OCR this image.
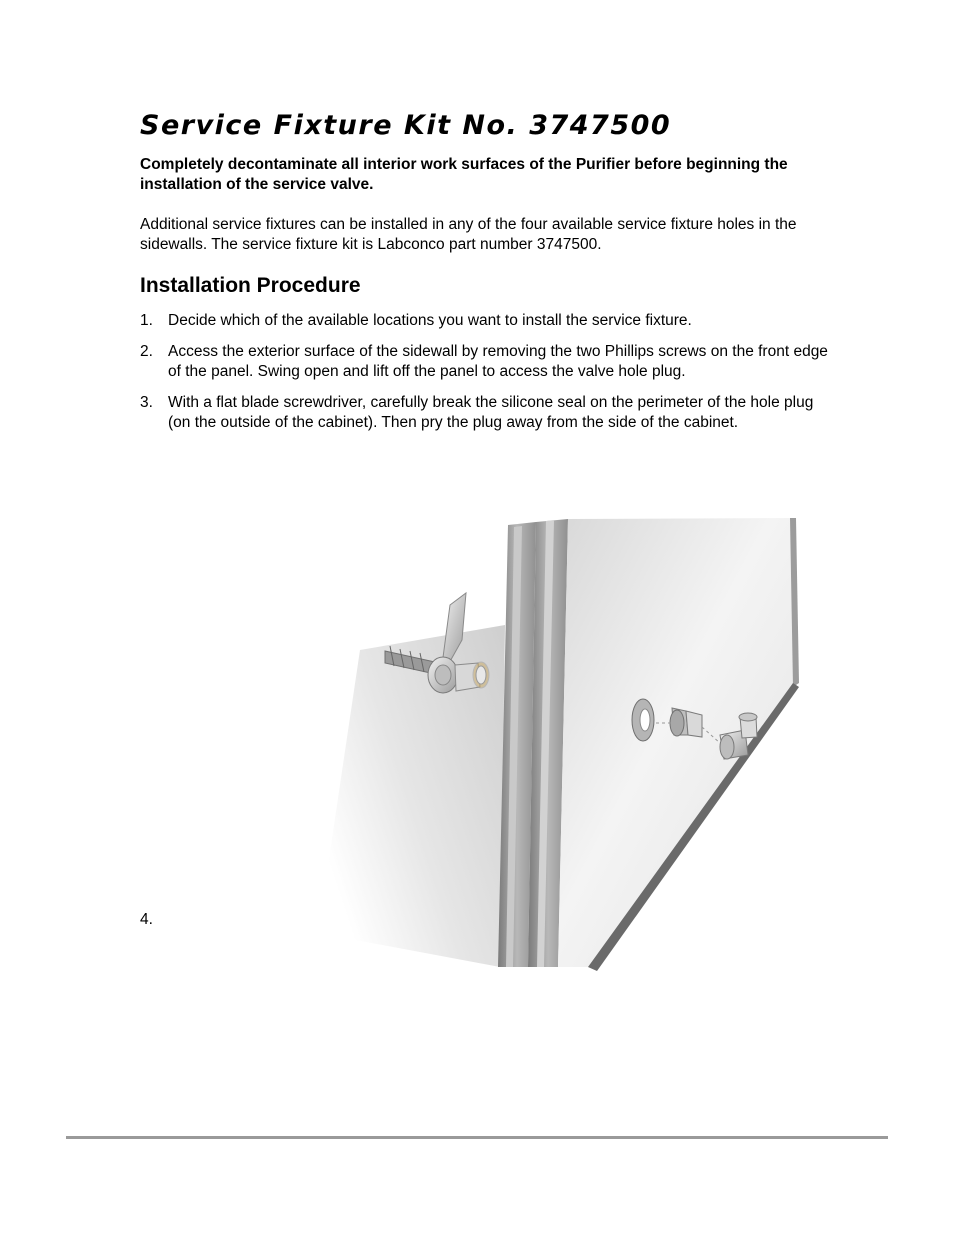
Service Fixture Kit No. 3747500

Completely decontaminate all interior work surfaces of the Purifier before beginning the installation of the service valve.

Additional service fixtures can be installed in any of the four available service fixture holes in the sidewalls. The service fixture kit is Labconco part number 3747500.

Installation Procedure
1. Decide which of the available locations you want to install the service fixture.
2. Access the exterior surface of the sidewall by removing the two Phillips screws on the front edge of the panel. Swing open and lift off the panel to access the valve hole plug.
3. With a flat blade screwdriver, carefully break the silicone seal on the perimeter of the hole plug (on the outside of the cabinet). Then pry the plug away from the side of the cabinet.
4.
